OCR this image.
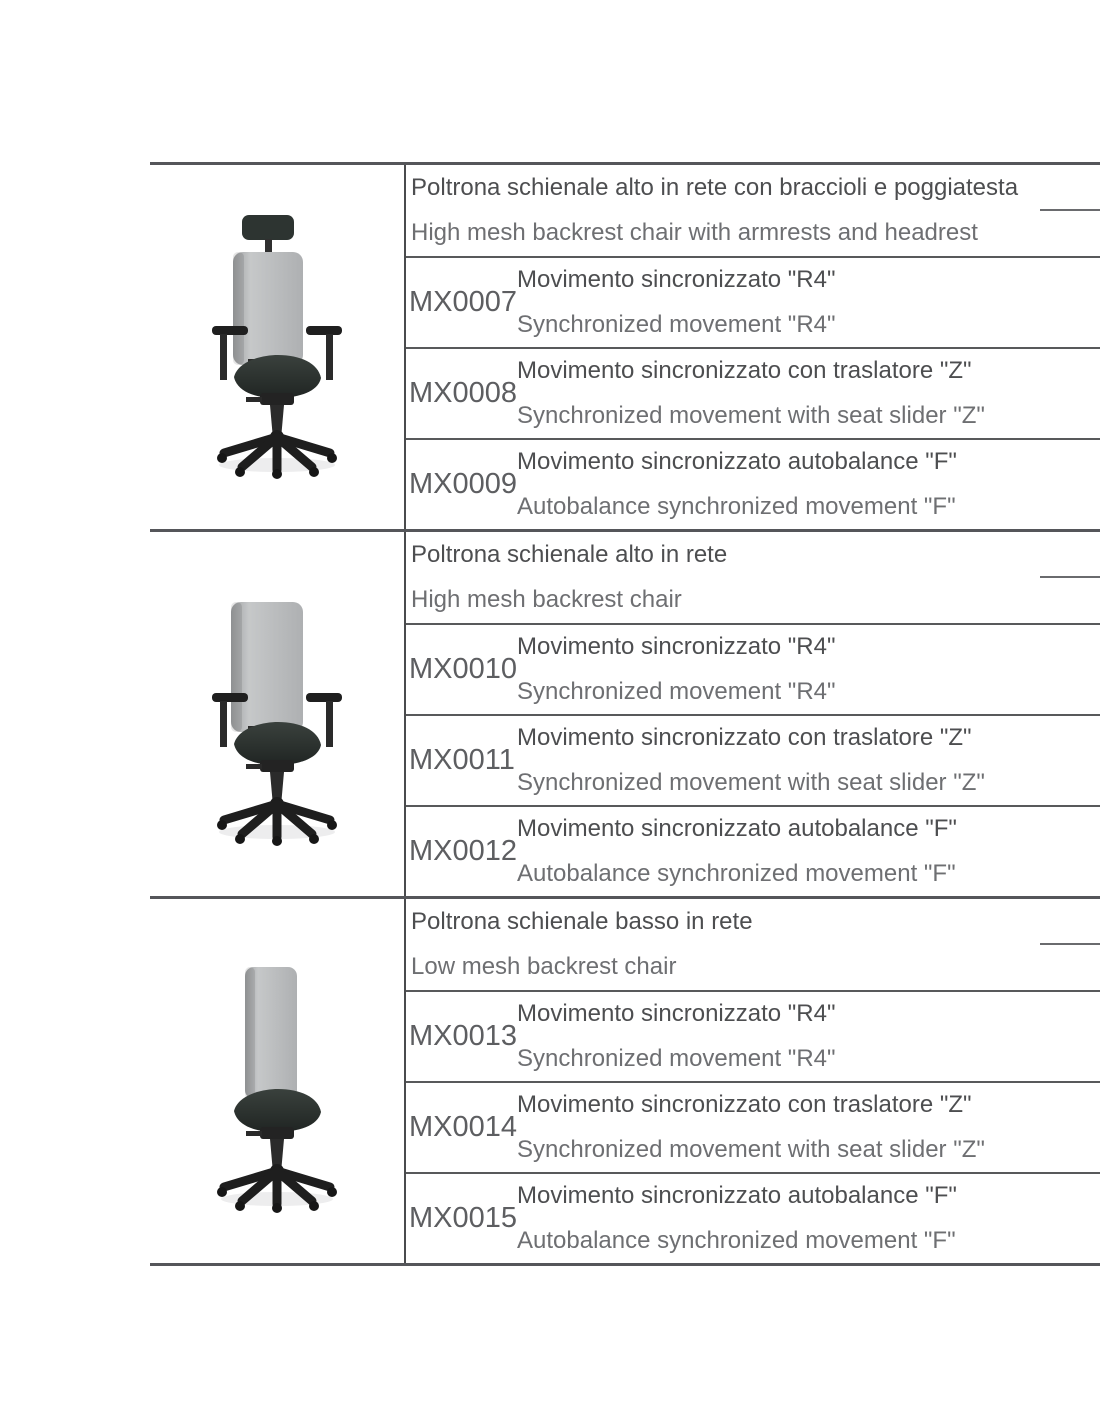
Poltrona schienale alto in rete con braccioli e poggiatesta
High mesh backrest chair with armrests and headrest
MX0007
Movimento sincronizzato "R4"
Synchronized movement "R4"
MX0008
Movimento sincronizzato con traslatore "Z"
Synchronized movement with seat slider "Z"
MX0009
Movimento sincronizzato autobalance "F"
Autobalance synchronized movement "F"
Poltrona schienale alto in rete
High mesh backrest chair
MX0010
Movimento sincronizzato "R4"
Synchronized movement "R4"
MX0011
Movimento sincronizzato con traslatore "Z"
Synchronized movement with seat slider "Z"
MX0012
Movimento sincronizzato autobalance "F"
Autobalance synchronized movement "F"
Poltrona schienale basso in rete
Low mesh backrest chair
MX0013
Movimento sincronizzato "R4"
Synchronized movement "R4"
MX0014
Movimento sincronizzato con traslatore "Z"
Synchronized movement with seat slider "Z"
MX0015
Movimento sincronizzato autobalance "F"
Autobalance synchronized movement "F"
